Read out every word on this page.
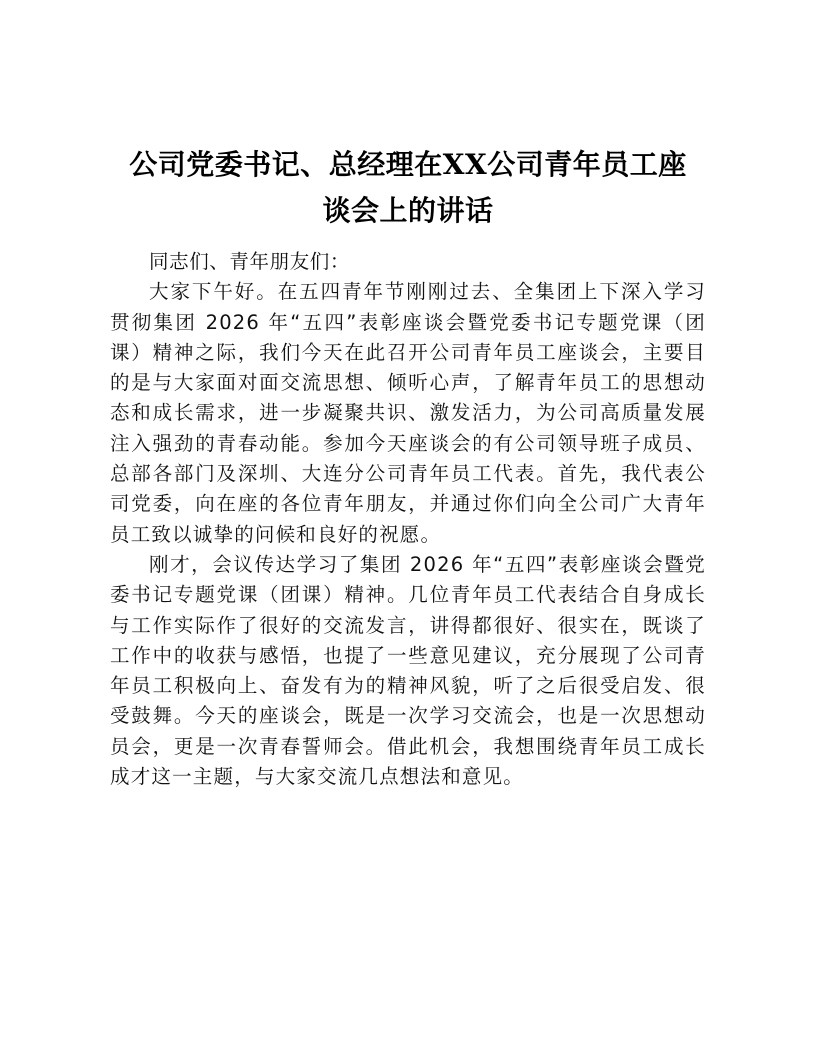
公司党委书记、总经理在XX公司青年员工座
谈会上的讲话

同志们、青年朋友们：

大家下午好。在五四青年节刚刚过去、全集团上下深入学习贯彻集团 2026 年“五四”表彰座谈会暨党委书记专题党课（团课）精神之际，我们今天在此召开公司青年员工座谈会，主要目的是与大家面对面交流思想、倾听心声，了解青年员工的思想动态和成长需求，进一步凝聚共识、激发活力，为公司高质量发展注入强劲的青春动能。参加今天座谈会的有公司领导班子成员、总部各部门及深圳、大连分公司青年员工代表。首先，我代表公司党委，向在座的各位青年朋友，并通过你们向全公司广大青年员工致以诚挚的问候和良好的祝愿。

刚才，会议传达学习了集团 2026 年“五四”表彰座谈会暨党委书记专题党课（团课）精神。几位青年员工代表结合自身成长与工作实际作了很好的交流发言，讲得都很好、很实在，既谈了工作中的收获与感悟，也提了一些意见建议，充分展现了公司青年员工积极向上、奋发有为的精神风貌，听了之后很受启发、很受鼓舞。今天的座谈会，既是一次学习交流会，也是一次思想动员会，更是一次青春誓师会。借此机会，我想围绕青年员工成长成才这一主题，与大家交流几点想法和意见。
